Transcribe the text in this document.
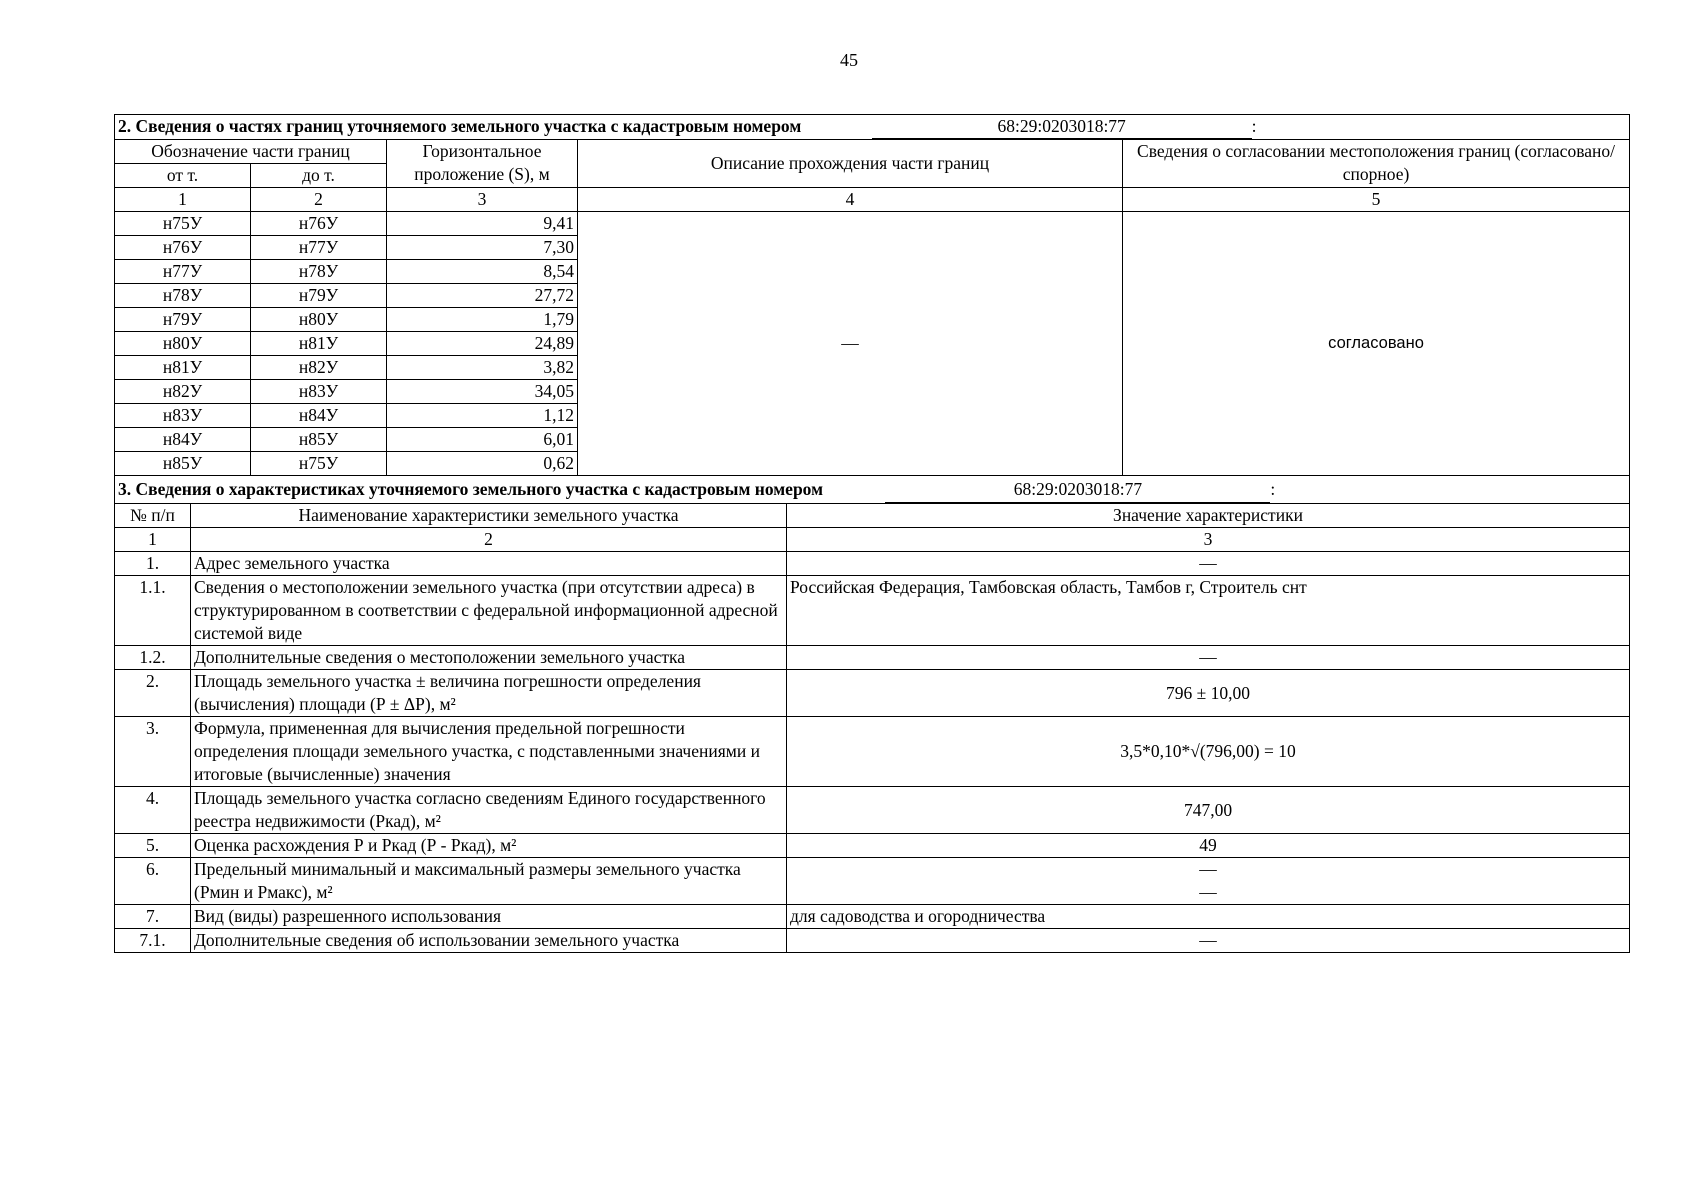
45
2. Сведения о частях границ уточняемого земельного участка с кадастровым номером 68:29:0203018:77 :				
Обозначение части границ		Горизонтальное проложение (S), м	Описание прохождения части границ	Сведения о согласовании местоположения границ (согласовано/спорное)
от т.	до т.			
1	2	3	4	5
н75У	н76У	9,41	—	согласовано
н76У	н77У	7,30		
н77У	н78У	8,54		
н78У	н79У	27,72		
н79У	н80У	1,79		
н80У	н81У	24,89		
н81У	н82У	3,82		
н82У	н83У	34,05		
н83У	н84У	1,12		
н84У	н85У	6,01		
н85У	н75У	0,62		
3. Сведения о характеристиках уточняемого земельного участка с кадастровым номером 68:29:0203018:77 :		
№ п/п	Наименование характеристики земельного участка	Значение характеристики
1	2	3
1.	Адрес земельного участка	—
1.1.	Сведения о местоположении земельного участка (при отсутствии адреса) в структурированном в соответствии с федеральной информационной адресной системой виде	Российская Федерация, Тамбовская область, Тамбов г, Строитель снт
1.2.	Дополнительные сведения о местоположении земельного участка	—
2.	Площадь земельного участка ± величина погрешности определения (вычисления) площади (Р ± ΔР), м²	796 ± 10,00
3.	Формула, примененная для вычисления предельной погрешности определения площади земельного участка, с подставленными значениями и итоговые (вычисленные) значения	3,5*0,10*√(796,00) = 10
4.	Площадь земельного участка согласно сведениям Единого государственного реестра недвижимости (Ркад), м²	747,00
5.	Оценка расхождения Р и Ркад (Р - Ркад), м²	49
6.	Предельный минимальный и максимальный размеры земельного участка (Рмин и Рмакс), м²	—
—

7.	Вид (виды) разрешенного использования	для садоводства и огородничества
7.1.	Дополнительные сведения об использовании земельного участка	—
